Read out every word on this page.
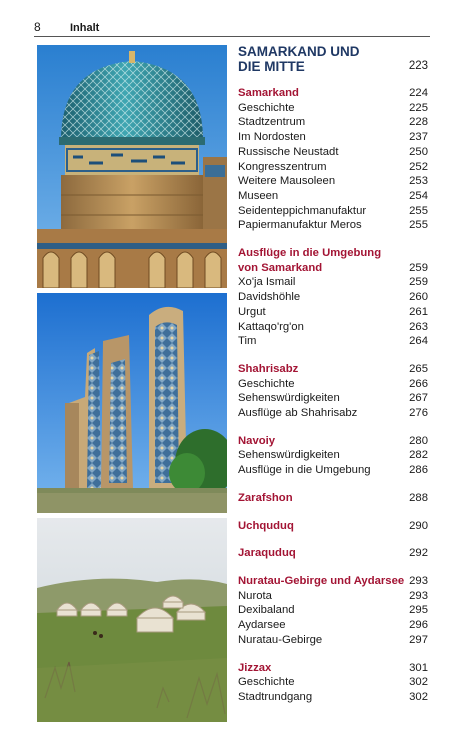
8	Inhalt

SAMARKAND UND
DIE MITTE	223
Samarkand	224
Geschichte	225
Stadtzentrum	228
Im Nordosten	237
Russische Neustadt	250
Kongresszentrum	252
Weitere Mausoleen	253
Museen	254
Seidenteppichmanufaktur	255
Papiermanufaktur Meros	255
Ausflüge in die Umgebung
von Samarkand	259
Xo'ja Ismail	259
Davidshöhle	260
Urgut	261
Kattaqo'rg'on	263
Tim	264
Shahrisabz	265
Geschichte	266
Sehenswürdigkeiten	267
Ausflüge ab Shahrisabz	276
Navoiy	280
Sehenswürdigkeiten	282
Ausflüge in die Umgebung	286
Zarafshon	288
Uchquduq	290
Jaraquduq	292
Nuratau-Gebirge und Aydarsee 293
Nurota	293
Dexibaland	295
Aydarsee	296
Nuratau-Gebirge	297
Jizzax	301
Geschichte	302
Stadtrundgang	302
